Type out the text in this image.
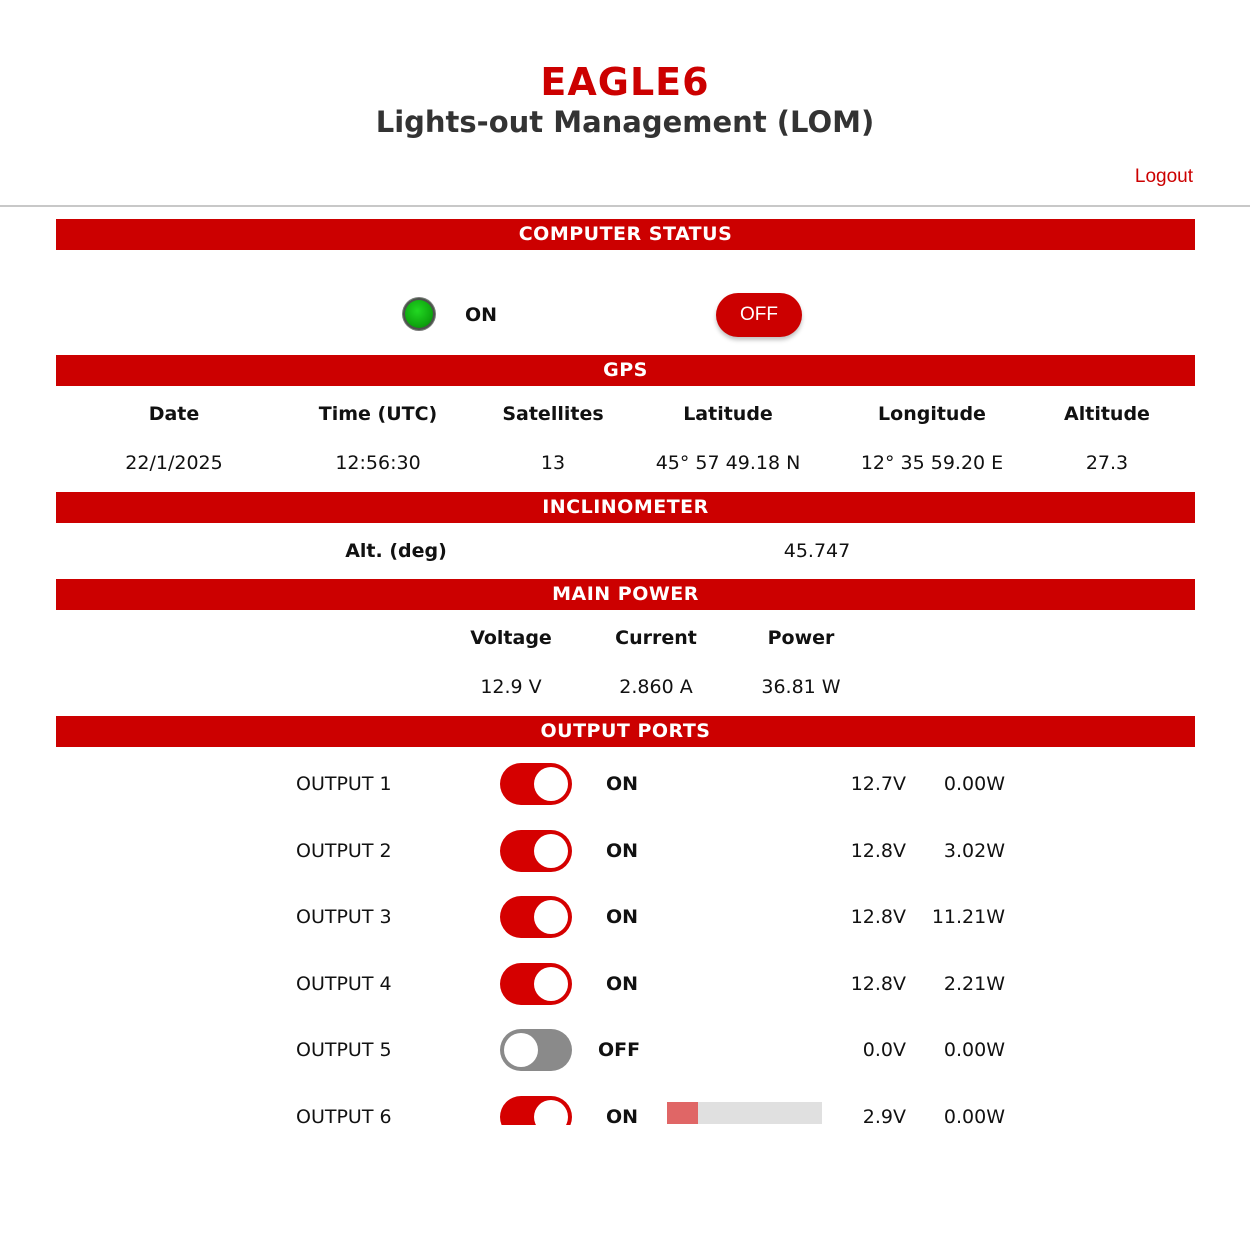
EAGLE6
Lights-out Management (LOM)
Logout
COMPUTER STATUS
ON	OFF
GPS
Date	Time (UTC)	Satellites	Latitude	Longitude	Altitude
22/1/2025	12:56:30	13	45° 57 49.18 N	12° 35 59.20 E	27.3
INCLINOMETER
Alt. (deg)	45.747
MAIN POWER
Voltage	Current	Power
12.9 V	2.860 A	36.81 W
OUTPUT PORTS
OUTPUT 1	ON	12.7V	0.00W
OUTPUT 2	ON	12.8V	3.02W
OUTPUT 3	ON	12.8V	11.21W
OUTPUT 4	ON	12.8V	2.21W
OUTPUT 5	OFF	0.0V	0.00W
OUTPUT 6	ON	2.9V	0.00W
